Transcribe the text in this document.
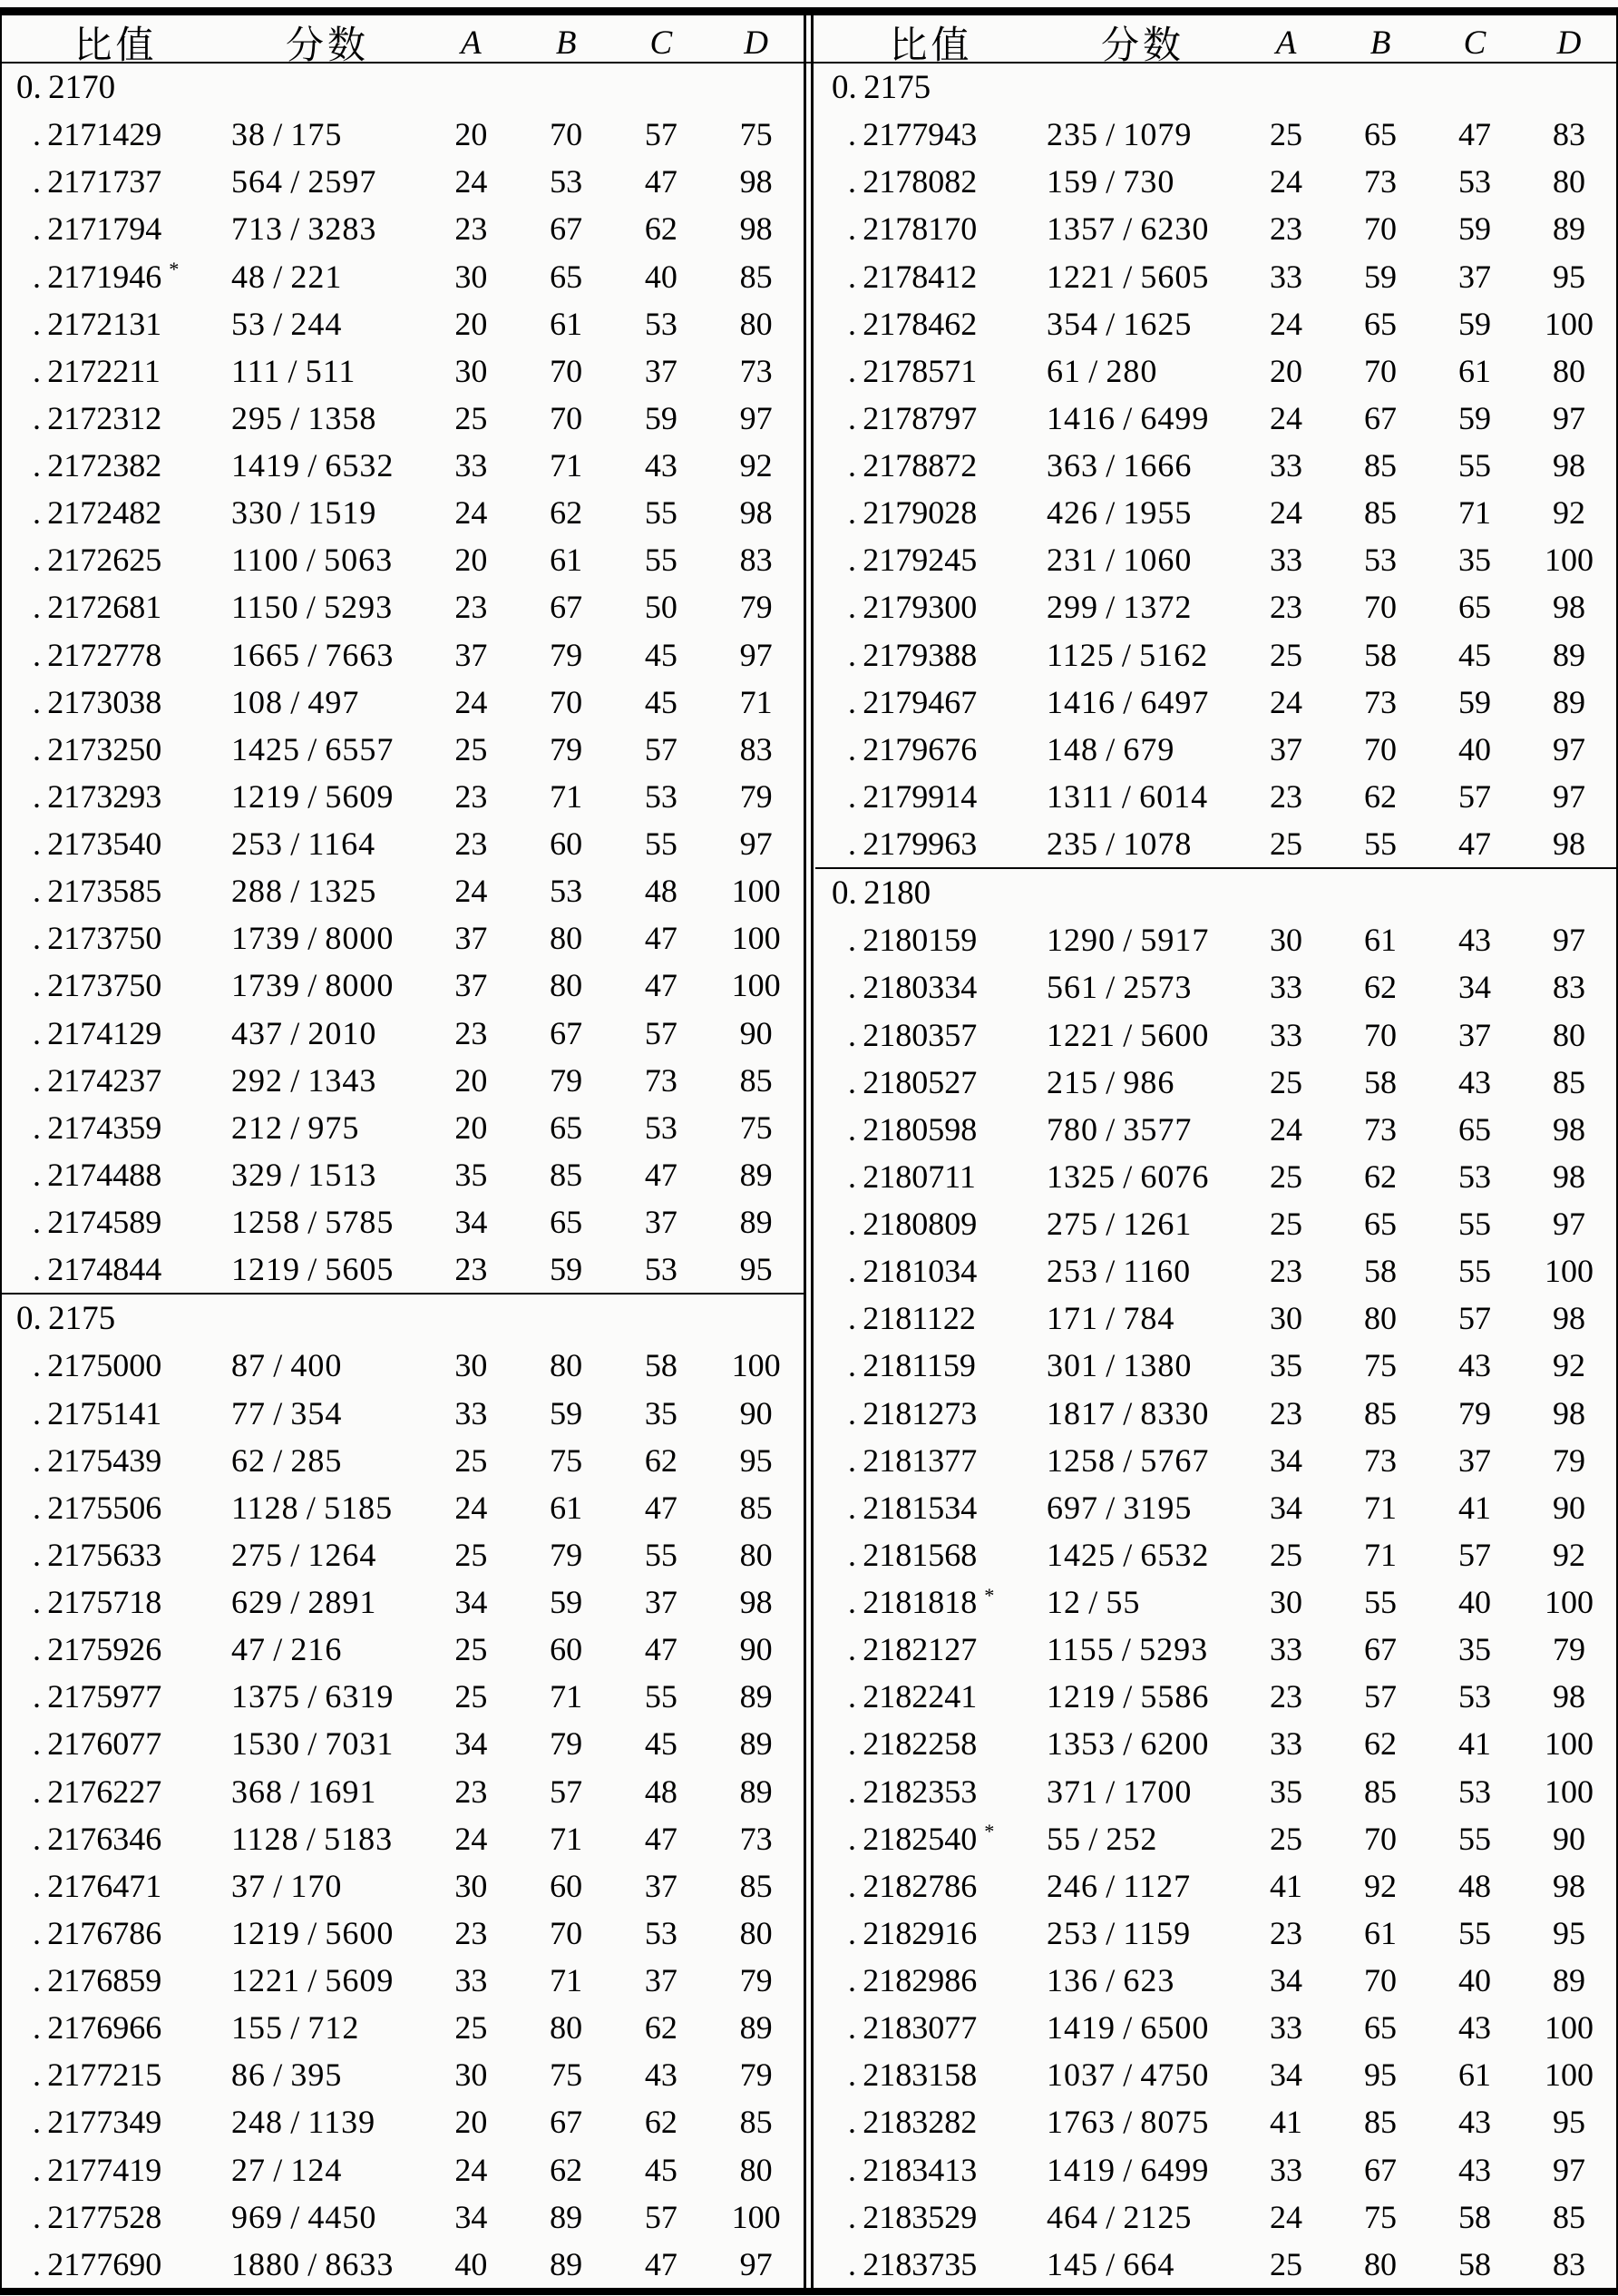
比值	分数	A	B	C	D	比值	分数	A	B	C	D
0. 2170
. 2171429	38 / 175	20	70	57	75
. 2171737	564 / 2597	24	53	47	98
. 2171794	713 / 3283	23	67	62	98
. 2171946 *	48 / 221	30	65	40	85
. 2172131	53 / 244	20	61	53	80
. 2172211	111 / 511	30	70	37	73
. 2172312	295 / 1358	25	70	59	97
. 2172382	1419 / 6532	33	71	43	92
. 2172482	330 / 1519	24	62	55	98
. 2172625	1100 / 5063	20	61	55	83
. 2172681	1150 / 5293	23	67	50	79
. 2172778	1665 / 7663	37	79	45	97
. 2173038	108 / 497	24	70	45	71
. 2173250	1425 / 6557	25	79	57	83
. 2173293	1219 / 5609	23	71	53	79
. 2173540	253 / 1164	23	60	55	97
. 2173585	288 / 1325	24	53	48	100
. 2173750	1739 / 8000	37	80	47	100
. 2173750	1739 / 8000	37	80	47	100
. 2174129	437 / 2010	23	67	57	90
. 2174237	292 / 1343	20	79	73	85
. 2174359	212 / 975	20	65	53	75
. 2174488	329 / 1513	35	85	47	89
. 2174589	1258 / 5785	34	65	37	89
. 2174844	1219 / 5605	23	59	53	95
0. 2175
. 2175000	87 / 400	30	80	58	100
. 2175141	77 / 354	33	59	35	90
. 2175439	62 / 285	25	75	62	95
. 2175506	1128 / 5185	24	61	47	85
. 2175633	275 / 1264	25	79	55	80
. 2175718	629 / 2891	34	59	37	98
. 2175926	47 / 216	25	60	47	90
. 2175977	1375 / 6319	25	71	55	89
. 2176077	1530 / 7031	34	79	45	89
. 2176227	368 / 1691	23	57	48	89
. 2176346	1128 / 5183	24	71	47	73
. 2176471	37 / 170	30	60	37	85
. 2176786	1219 / 5600	23	70	53	80
. 2176859	1221 / 5609	33	71	37	79
. 2176966	155 / 712	25	80	62	89
. 2177215	86 / 395	30	75	43	79
. 2177349	248 / 1139	20	67	62	85
. 2177419	27 / 124	24	62	45	80
. 2177528	969 / 4450	34	89	57	100
. 2177690	1880 / 8633	40	89	47	97
0. 2175
. 2177943	235 / 1079	25	65	47	83
. 2178082	159 / 730	24	73	53	80
. 2178170	1357 / 6230	23	70	59	89
. 2178412	1221 / 5605	33	59	37	95
. 2178462	354 / 1625	24	65	59	100
. 2178571	61 / 280	20	70	61	80
. 2178797	1416 / 6499	24	67	59	97
. 2178872	363 / 1666	33	85	55	98
. 2179028	426 / 1955	24	85	71	92
. 2179245	231 / 1060	33	53	35	100
. 2179300	299 / 1372	23	70	65	98
. 2179388	1125 / 5162	25	58	45	89
. 2179467	1416 / 6497	24	73	59	89
. 2179676	148 / 679	37	70	40	97
. 2179914	1311 / 6014	23	62	57	97
. 2179963	235 / 1078	25	55	47	98
0. 2180
. 2180159	1290 / 5917	30	61	43	97
. 2180334	561 / 2573	33	62	34	83
. 2180357	1221 / 5600	33	70	37	80
. 2180527	215 / 986	25	58	43	85
. 2180598	780 / 3577	24	73	65	98
. 2180711	1325 / 6076	25	62	53	98
. 2180809	275 / 1261	25	65	55	97
. 2181034	253 / 1160	23	58	55	100
. 2181122	171 / 784	30	80	57	98
. 2181159	301 / 1380	35	75	43	92
. 2181273	1817 / 8330	23	85	79	98
. 2181377	1258 / 5767	34	73	37	79
. 2181534	697 / 3195	34	71	41	90
. 2181568	1425 / 6532	25	71	57	92
. 2181818 *	12 / 55	30	55	40	100
. 2182127	1155 / 5293	33	67	35	79
. 2182241	1219 / 5586	23	57	53	98
. 2182258	1353 / 6200	33	62	41	100
. 2182353	371 / 1700	35	85	53	100
. 2182540 *	55 / 252	25	70	55	90
. 2182786	246 / 1127	41	92	48	98
. 2182916	253 / 1159	23	61	55	95
. 2182986	136 / 623	34	70	40	89
. 2183077	1419 / 6500	33	65	43	100
. 2183158	1037 / 4750	34	95	61	100
. 2183282	1763 / 8075	41	85	43	95
. 2183413	1419 / 6499	33	67	43	97
. 2183529	464 / 2125	24	75	58	85
. 2183735	145 / 664	25	80	58	83
